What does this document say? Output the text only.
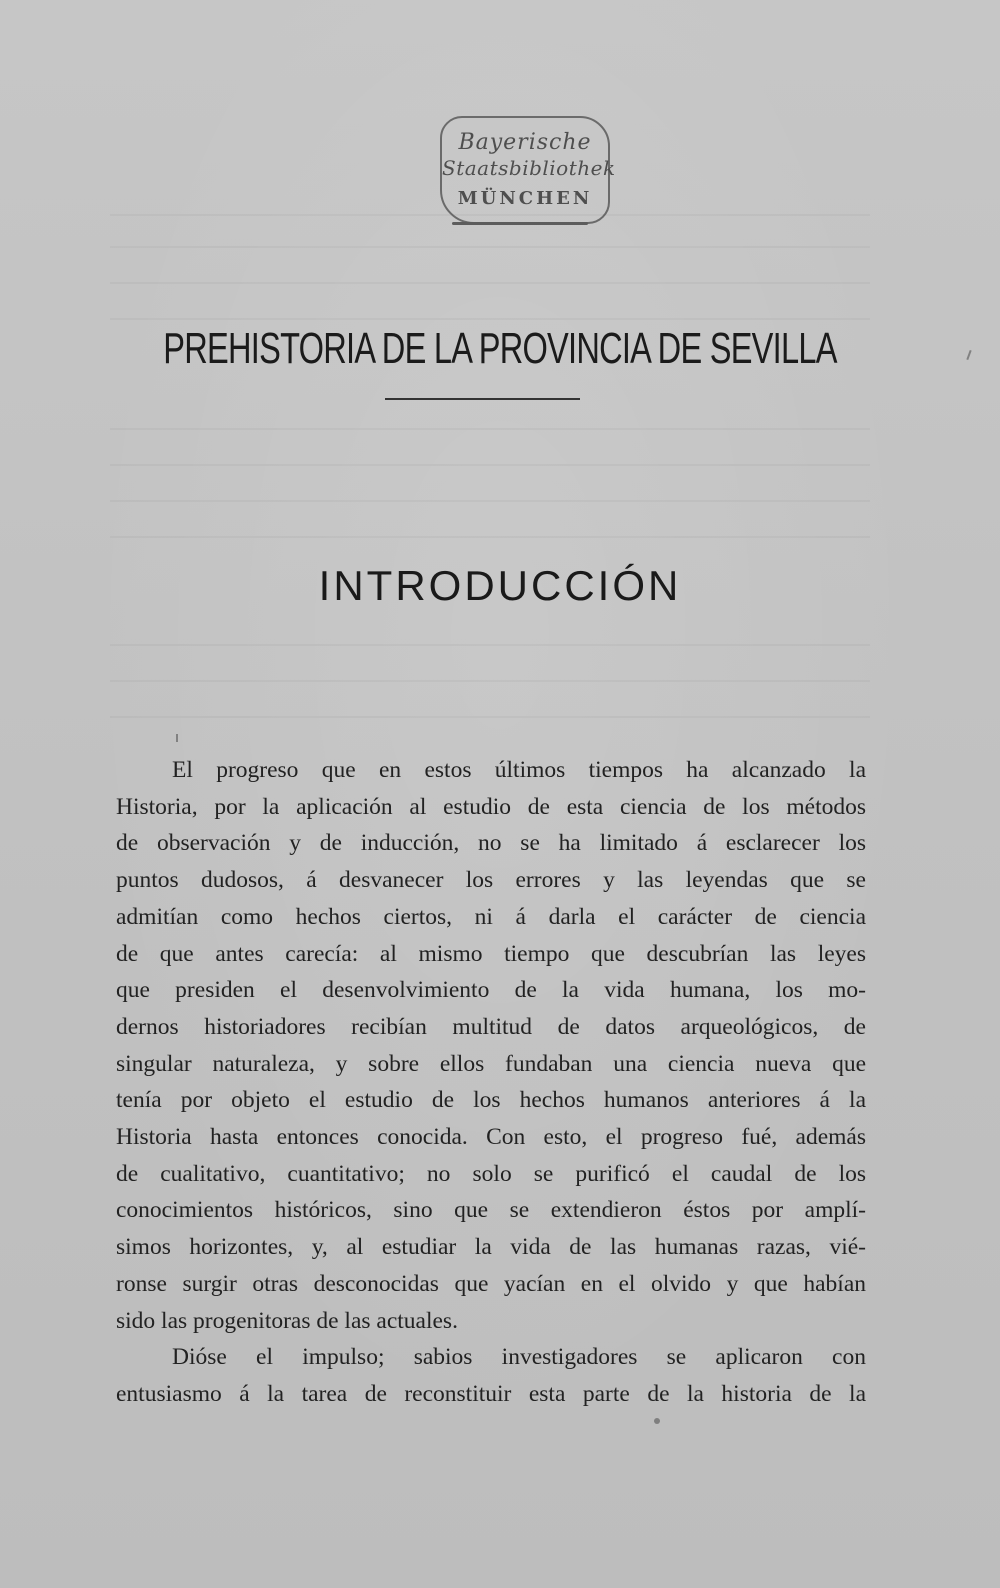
Bayerische
Staatsbibliothek
MÜNCHEN
PREHISTORIA DE LA PROVINCIA DE SEVILLA
INTRODUCCIÓN
El progreso que en estos últimos tiempos ha alcanzado la
Historia, por la aplicación al estudio de esta ciencia de los métodos
de observación y de inducción, no se ha limitado á esclarecer los
puntos dudosos, á desvanecer los errores y las leyendas que se
admitían como hechos ciertos, ni á darla el carácter de ciencia
de que antes carecía: al mismo tiempo que descubrían las leyes
que presiden el desenvolvimiento de la vida humana, los mo-
dernos historiadores recibían multitud de datos arqueológicos, de
singular naturaleza, y sobre ellos fundaban una ciencia nueva que
tenía por objeto el estudio de los hechos humanos anteriores á la
Historia hasta entonces conocida. Con esto, el progreso fué, además
de cualitativo, cuantitativo; no solo se purificó el caudal de los
conocimientos históricos, sino que se extendieron éstos por amplí-
simos horizontes, y, al estudiar la vida de las humanas razas, vié-
ronse surgir otras desconocidas que yacían en el olvido y que habían
sido las progenitoras de las actuales.
Dióse el impulso; sabios investigadores se aplicaron con
entusiasmo á la tarea de reconstituir esta parte de la historia de la
